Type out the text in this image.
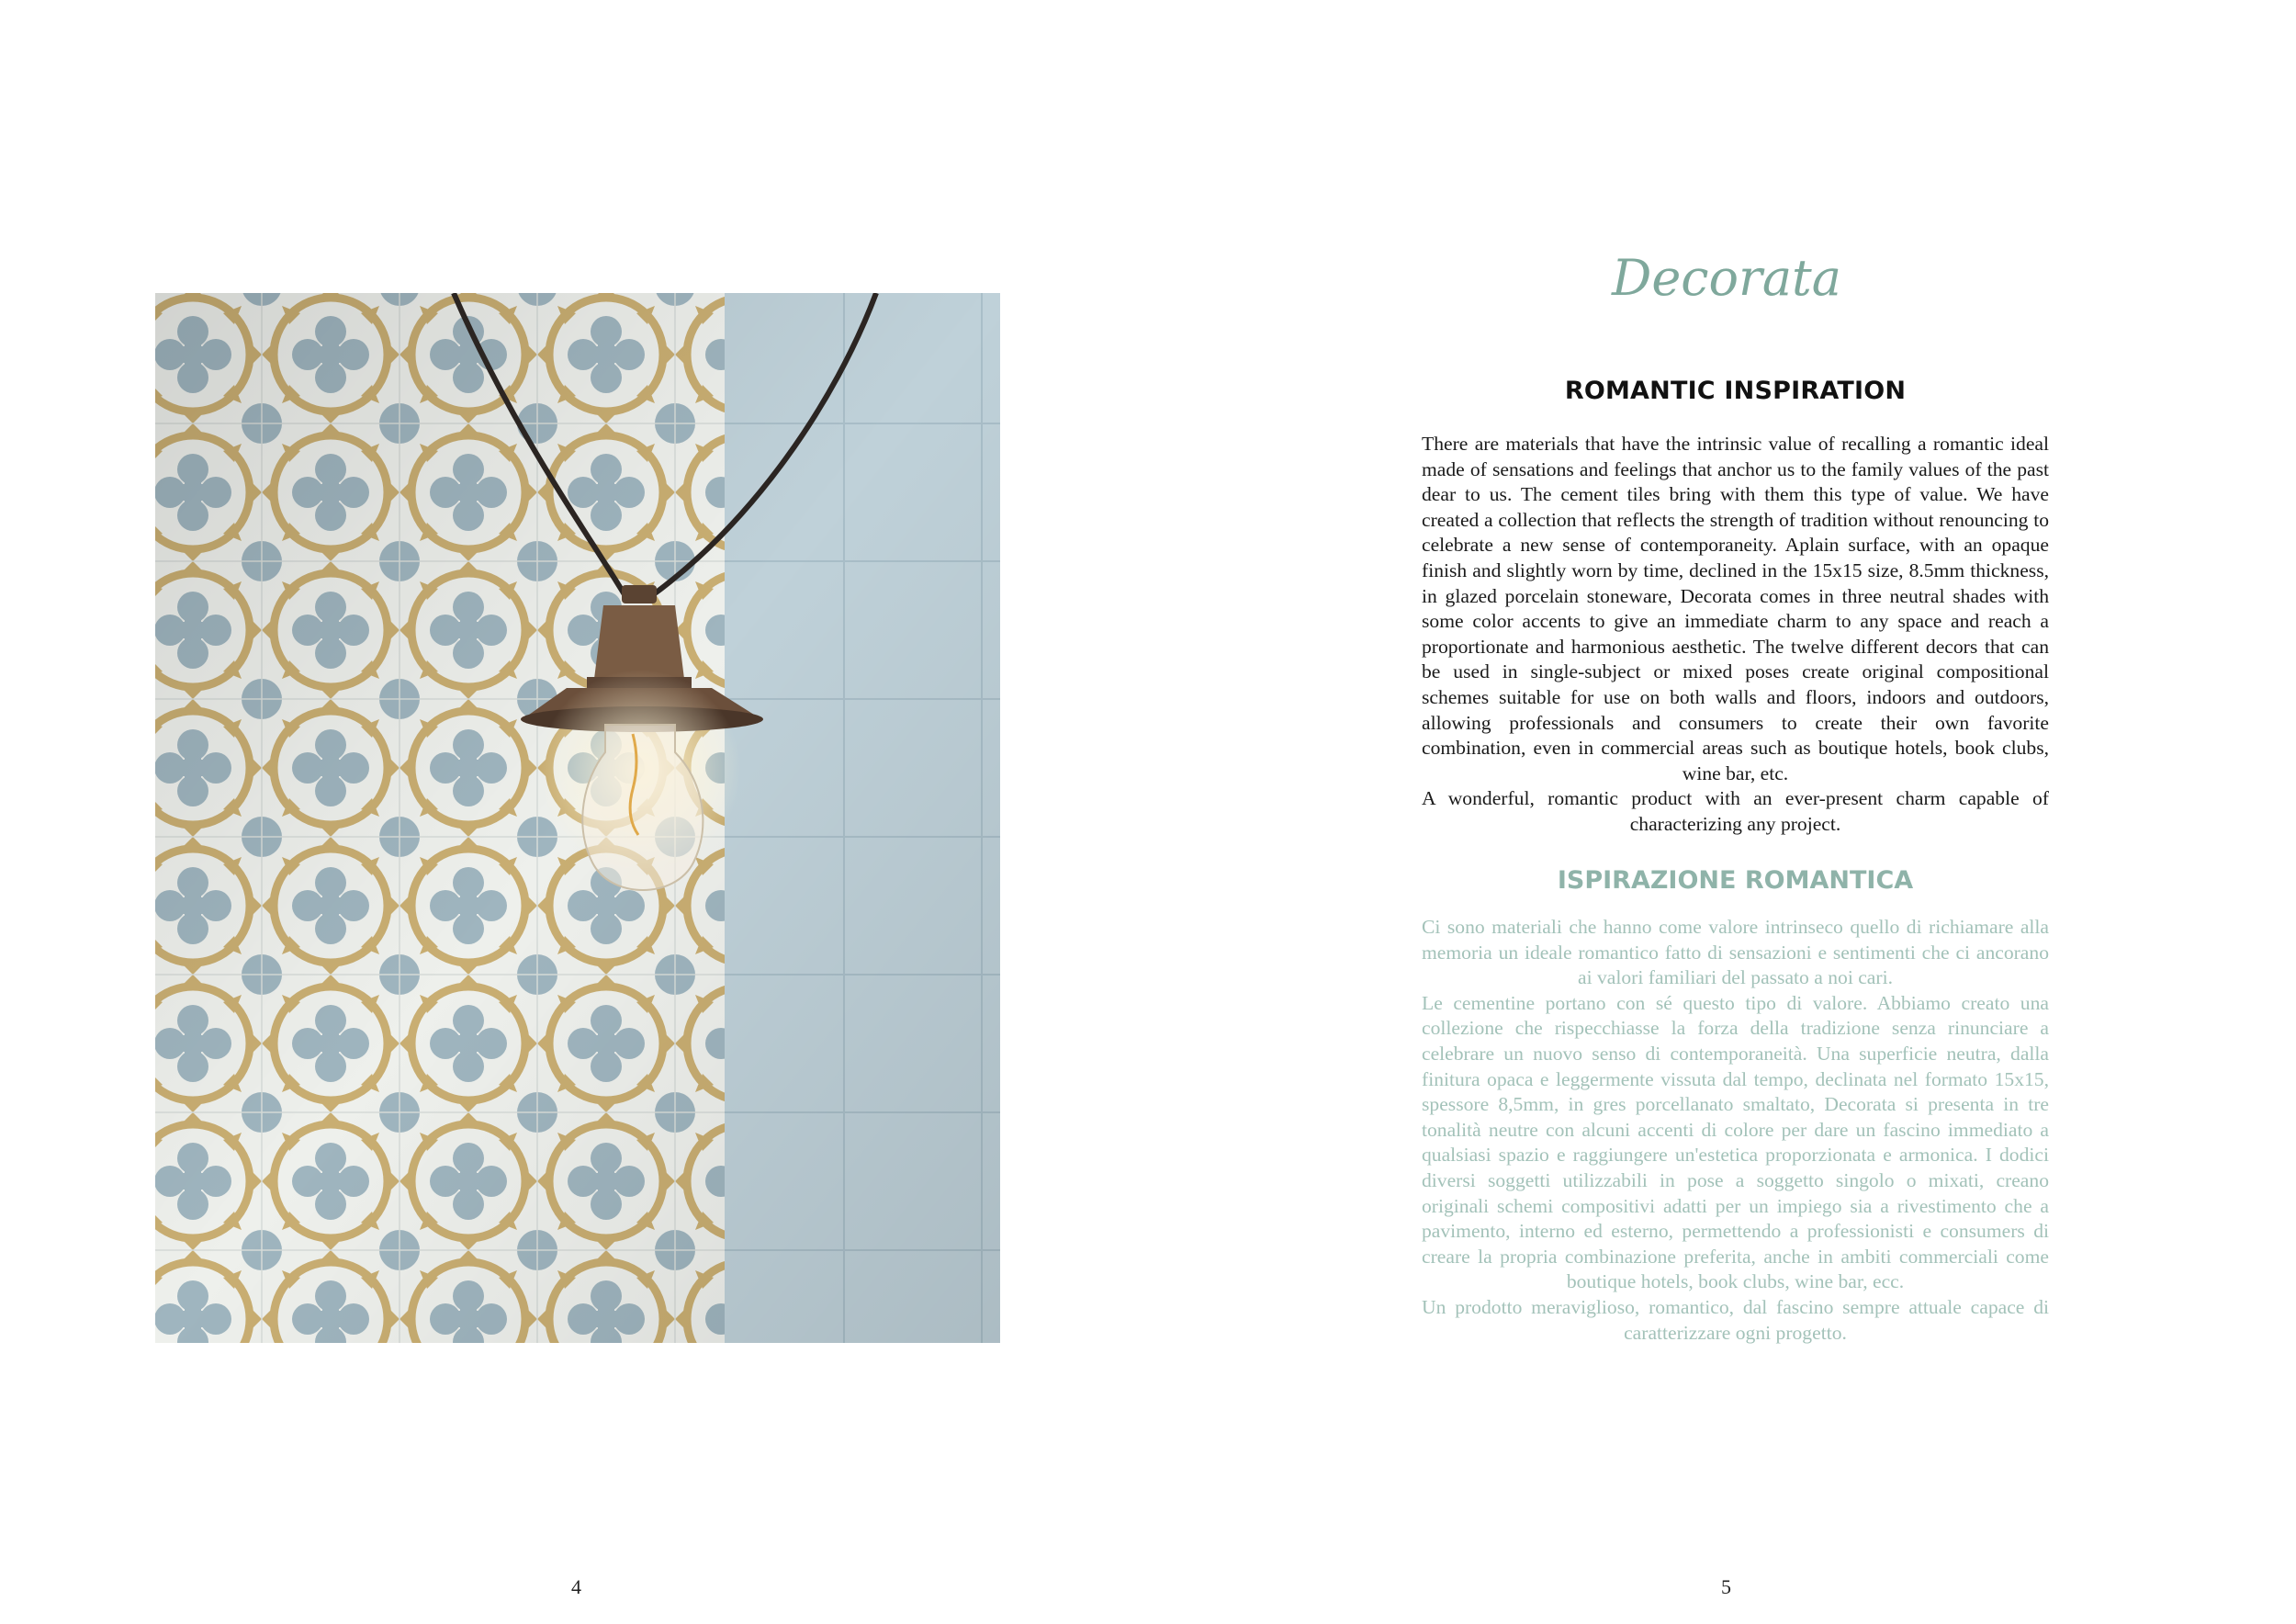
Decorata
ROMANTIC INSPIRATION

There are materials that have the intrinsic value of recalling a romantic ideal made of sensations and feelings that anchor us to the family values of the past dear to us. The cement tiles bring with them this type of value. We have created a collection that reflects the strength of tradition without renouncing to celebrate a new sense of contemporaneity. Aplain surface, with an opaque finish and slightly worn by time, declined in the 15x15 size, 8.5mm thickness, in glazed porcelain stoneware, Decorata comes in three neutral shades with some color accents to give an immediate charm to any space and reach a proportionate and harmonious aesthetic. The twelve different decors that can be used in single-subject or mixed poses create original compositional schemes suitable for use on both walls and floors, indoors and outdoors, allowing professionals and consumers to create their own favorite combination, even in commercial areas such as boutique hotels, book clubs, wine bar, etc.

A wonderful, romantic product with an ever-present charm capable of characterizing any project.

ISPIRAZIONE ROMANTICA

Ci sono materiali che hanno come valore intrinseco quello di richiamare alla memoria un ideale romantico fatto di sensazioni e sentimenti che ci ancorano ai valori familiari del passato a noi cari.

Le cementine portano con sé questo tipo di valore. Abbiamo creato una collezione che rispecchiasse la forza della tradizione senza rinunciare a celebrare un nuovo senso di contemporaneità. Una superficie neutra, dalla finitura opaca e leggermente vissuta dal tempo, declinata nel formato 15x15, spessore 8,5mm, in gres porcellanato smaltato, Decorata si presenta in tre tonalità neutre con alcuni accenti di colore per dare un fascino immediato a qualsiasi spazio e raggiungere un'estetica proporzionata e armonica. I dodici diversi soggetti utilizzabili in pose a soggetto singolo o mixati, creano originali schemi compositivi adatti per un impiego sia a rivestimento che a pavimento, interno ed esterno, permettendo a professionisti e consumers di creare la propria combinazione preferita, anche in ambiti commerciali come boutique hotels, book clubs, wine bar, ecc.

Un prodotto meraviglioso, romantico, dal fascino sempre attuale capace di caratterizzare ogni progetto.

4	5
